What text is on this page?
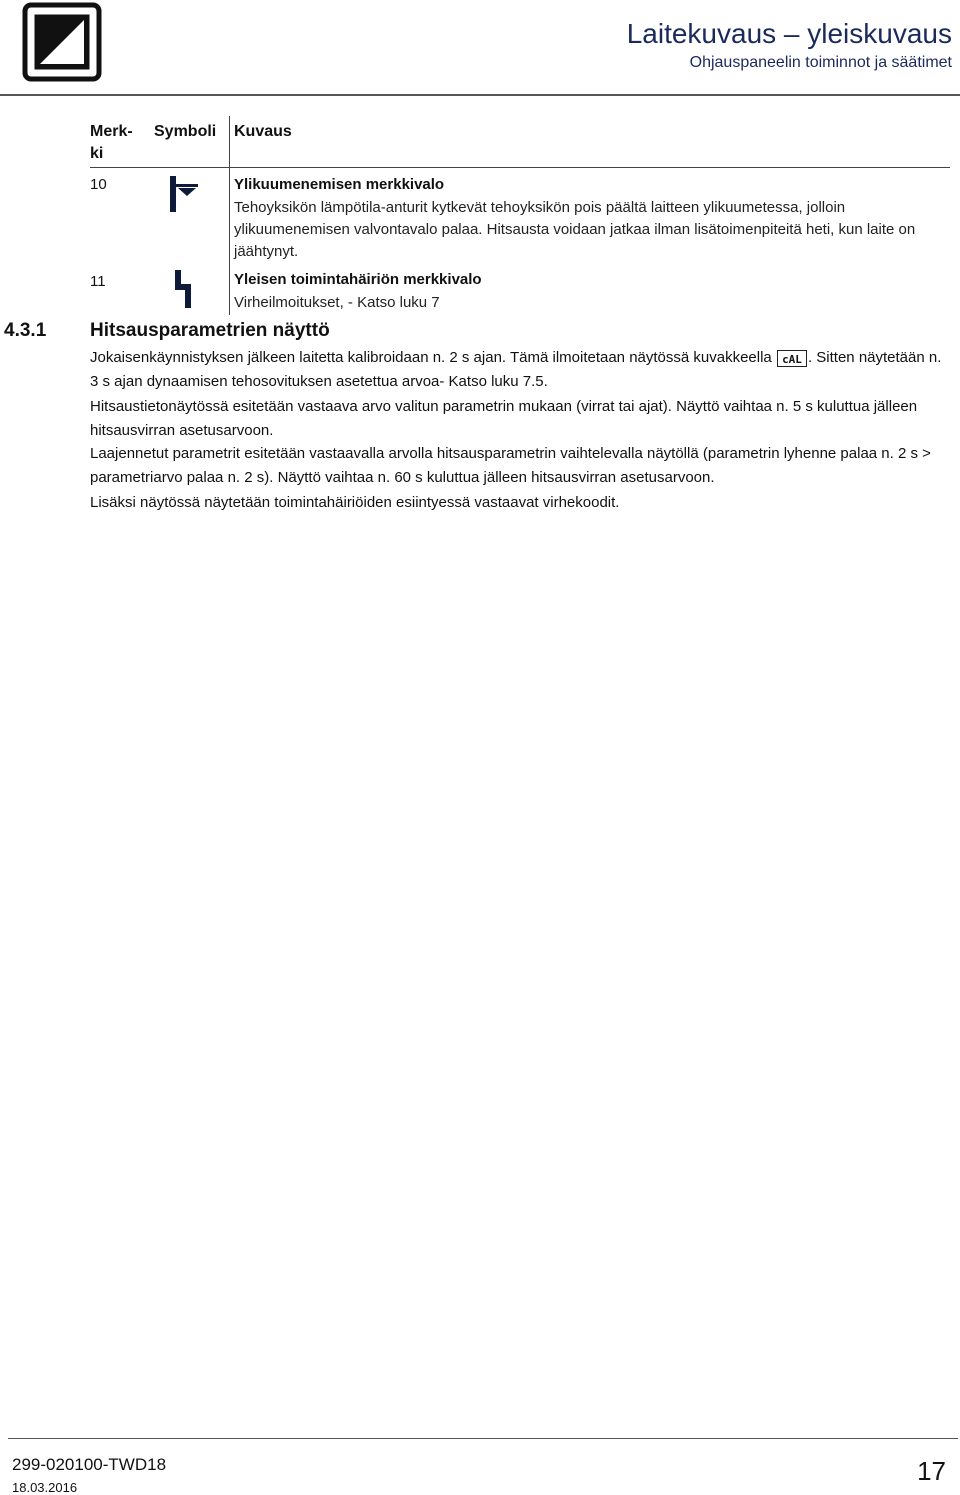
Laitekuvaus – yleiskuvaus
Ohjauspaneelin toiminnot ja säätimet
Merk-
ki
Symboli Kuvaus
10	Ylikuumenemisen merkkivalo
Tehoyksikön lämpötila-anturit kytkevät tehoyksikön pois päältä laitteen ylikuumetessa, jolloin ylikuumenemisen valvontavalo palaa. Hitsausta voidaan jatkaa ilman lisätoimenpiteitä heti, kun laite on jäähtynyt.
11	Yleisen toimintahäiriön merkkivalo
Virheilmoitukset, - Katso luku 7
4.3.1 Hitsausparametrien näyttö

Jokaisenkäynnistyksen jälkeen laitetta kalibroidaan n. 2 s ajan. Tämä ilmoitetaan näytössä kuvakkeella cAL . Sitten näytetään n. 3 s ajan dynaamisen tehosovituksen asetettua arvoa- Katso luku 7.5.

Hitsaustietonäytössä esitetään vastaava arvo valitun parametrin mukaan (virrat tai ajat). Näyttö vaihtaa n. 5 s kuluttua jälleen hitsausvirran asetusarvoon.

Laajennetut parametrit esitetään vastaavalla arvolla hitsausparametrin vaihtelevalla näytöllä (parametrin lyhenne palaa n. 2 s > parametriarvo palaa n. 2 s). Näyttö vaihtaa n. 60 s kuluttua jälleen hitsausvirran asetusarvoon.

Lisäksi näytössä näytetään toimintahäiriöiden esiintyessä vastaavat virhekoodit.

299-020100-TWD18
18.03.2016
17
